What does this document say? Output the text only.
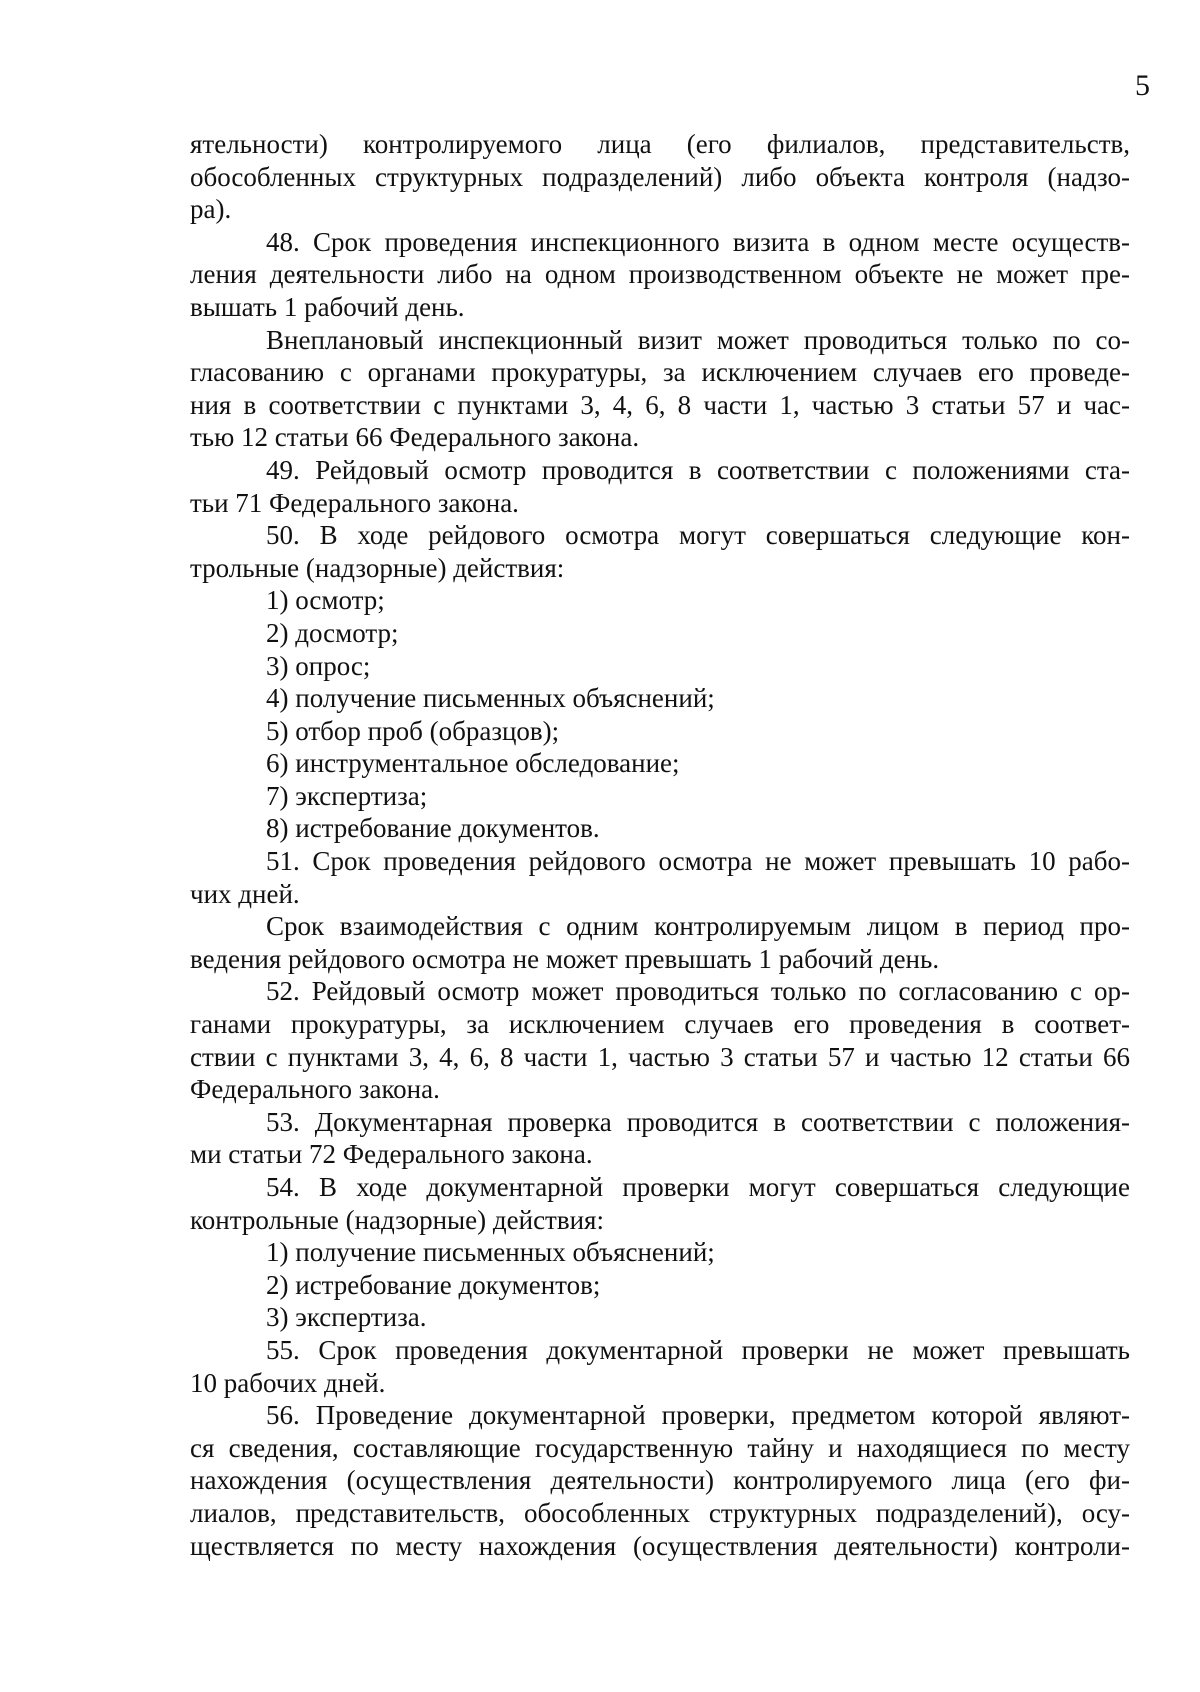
5
ятельности) контролируемого лица (его филиалов, представительств,
обособленных структурных подразделений) либо объекта контроля (надзо-
ра).
48. Срок проведения инспекционного визита в одном месте осуществ-
ления деятельности либо на одном производственном объекте не может пре-
вышать 1 рабочий день.
Внеплановый инспекционный визит может проводиться только по со-
гласованию с органами прокуратуры, за исключением случаев его проведе-
ния в соответствии с пунктами 3, 4, 6, 8 части 1, частью 3 статьи 57 и час-
тью 12 статьи 66 Федерального закона.
49. Рейдовый осмотр проводится в соответствии с положениями ста-
тьи 71 Федерального закона.
50. В ходе рейдового осмотра могут совершаться следующие кон-
трольные (надзорные) действия:
1) осмотр;
2) досмотр;
3) опрос;
4) получение письменных объяснений;
5) отбор проб (образцов);
6) инструментальное обследование;
7) экспертиза;
8) истребование документов.
51. Срок проведения рейдового осмотра не может превышать 10 рабо-
чих дней.
Срок взаимодействия с одним контролируемым лицом в период про-
ведения рейдового осмотра не может превышать 1 рабочий день.
52. Рейдовый осмотр может проводиться только по согласованию с ор-
ганами прокуратуры, за исключением случаев его проведения в соответ-
ствии с пунктами 3, 4, 6, 8 части 1, частью 3 статьи 57 и частью 12 статьи 66
Федерального закона.
53. Документарная проверка проводится в соответствии с положения-
ми статьи 72 Федерального закона.
54. В ходе документарной проверки могут совершаться следующие
контрольные (надзорные) действия:
1) получение письменных объяснений;
2) истребование документов;
3) экспертиза.
55. Срок проведения документарной проверки не может превышать
10 рабочих дней.
56. Проведение документарной проверки, предметом которой являют-
ся сведения, составляющие государственную тайну и находящиеся по месту
нахождения (осуществления деятельности) контролируемого лица (его фи-
лиалов, представительств, обособленных структурных подразделений), осу-
ществляется по месту нахождения (осуществления деятельности) контроли-
